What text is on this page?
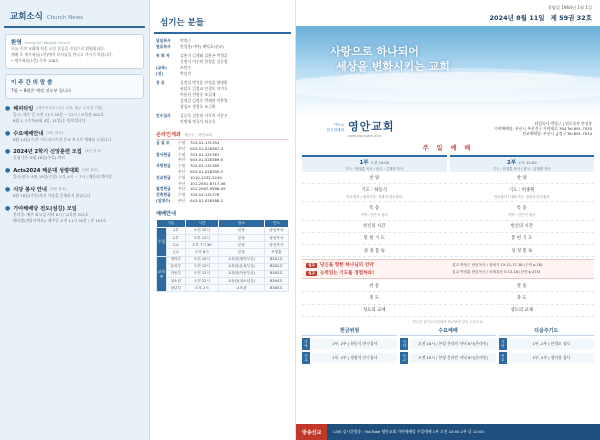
교회소식 Church News
환영 Young-Am Baptist Church

오늘 주의 교회에 처음 오신 분들을 진심으로 환영합니다.

예배 후 새가족실(1층)에서 목사님을 만나고 가시기 바랍니다.

• 새가족실(1층) 등록 108호

이 주 간 의 말 씀
7월 ~ 8월은 예정 전도부 입니다
● 헤피타임 (세가족교육 / 4주 과정, 매주 주차별 진행)
일시: 매주 일 오전 11시 20분 ~ 12시 / 교육관 301호
8월 1, 2주차(8월 4일, 11일)는 방학입니다
● 수요예배안내 (3번 참조)
8월 14일(수)은 키드지스트런 은교 보고로 예배를 드립니다
● 2024년 2학기 신앙훈련 모집 (3번 참조)
신청기간: 8월 18일(주일) 까지
● Acts2024 해운대 성령대회 (3번 참조)
일시/장소: 9월 19일(주일) 오후 4시 ~ 7시 / 해운대 백사장
● 식당 봉사 안내 (3번 참조)
8월 18일(주일)까지 식당을 운영하지 않습니다
● 가야해배당 전도(섬김) 모임
봉사일: 매주 화요일 저녁 8시 / 교육관 201호
팬사랑(전담사역자): 매주일 오전 11시 30분 / 본 103호
섬기는 분들
담임목사	박정근
원로목사	안성홍(가야) 배익호(선교)
목 회 자	김흥기 김재태 김한곤 박경훈
신범식 이우탁 한정훈 김순영
(교육)	조민우
(선)	박설진
장 로	김정길 박석훈 안정술 양명환
권달호 김경교 안경모 이기호
이용선 전형중 조길제
김정길 김정호 박제연 이봉열
장성오 정경호 조근환
안수집사	김승득 김종현 서옥희 서종우
이병재 정규석 허승욱
온라인계좌 예금주 : 영안교회
십 일 조	수협	703-01-131354
부산	043-01-028387-4
감사헌금	수협	703-01-131361
부산	043-01-028389-0
사랑헌금	수협	703-01-131385
부산	043-01-028390-3
선교헌금	수협	1010-1232-5249
부산	101-2051-6717-06
월정헌금	부산	101-2067-9588-05
건축헌금	수협	703-01-131378
(임대수)	부산	043-01-028388-2
예배안내
구분		시간	장소	인도
주일	1부	오전 10시	본당	담임목사
	2부	오후 12시	본당	담임목사
	수요	오후 7시 30	본당	담임목사
	금요	오후 8시	본당	조명훈
교육부	영아부	오전 10시	교육관(영아부실)	B301호
	유치부	오전 12시	교육관(유치부실)	B302호
	아동부	오전 12시	교육관(아동부실)	B303호
	청소년	오전 12시	교육관(청소년실)	B304호
	청년부	오후 2시	교육관	B305호
창립일 1964년 1월 1일
2024년 8월 11일 제 59권 32호
사랑으로 하나되어
세상을 변화시키는 교회
기독교
한국침례회 영안교회
www.youngam.or.kr
담임목사 박정근 | 원로목사 안성홍
가야예배당: 부산시 부산진구 가야대로 784 Tel.891-7035
선교예배당: 부산시 금정구 Tel.891-7034
주 일 예 배
1부 오전 10:00
기도 : 박정훈 목사 / 광고 : 김재태 목사
찬 양
기도 : 하동식
안수집사 / 대표기도: 정광석 안수집사
특 송
가야 : 안은식 집사
헌신의 시간
봉 헌 기 도
성 경 봉 독
2부 오후 12:00
기도 : 한정훈 목사 / 광고 : 김재태 목사
찬 양
기도 : 허종원
안수집사 / 대표기도: 정광석 안수집사
특 송
가야 : 안은식 집사
헌신의 시간
봉 헌 기 도
성 경 봉 독
설교	당신을 향한 하나님의 언약
설교	능력있는 기도를 경험하라!
설교 박정근 담임목사 / 창세기 15:12,17-18 (구약 p.18)
설교 박정훈 담임목사 / 마태복음 5:13-18 (신약 p.375)
찬 송
축 도
성도의 교제
찬 송
축 도
성도의 교제
헌금은 울이오너전에서 헌금함에 넣어 주십시오.
헌금위원
가야	1부, 2부 | 하동식 안수집사
선교	1부, 2부 | 정광석 안수집사
수요예배
가야	오전 10시 / 본당 온라인 저녁 8시(온라인)
선교	오전 10시 / 본당 온라인 저녁 8시(온라인)
다음주기도
가야	1부, 2부 | 안경모 장로
선교	1부, 2부 | 정이상 집사
방송선교	LIVE 실시간방송 : YouTube 영안교회 가야예배당 주일예배 1부 오전 10:00 2부 낮 12:00
